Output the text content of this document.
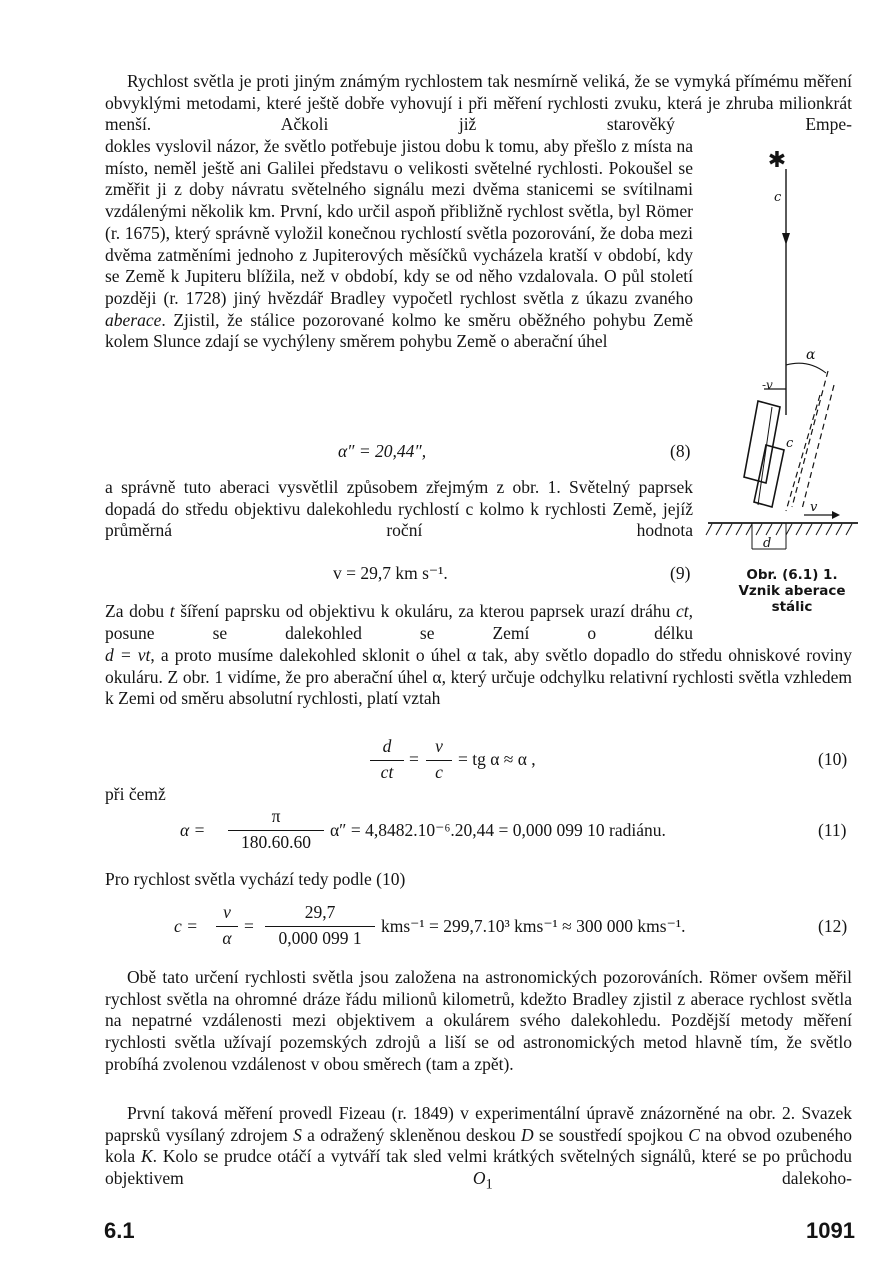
Rychlost světla je proti jiným známým rychlostem tak nesmírně veliká, že se vymyká přímému měření obvyklými metodami, které ještě dobře vyhovují i při měření rychlosti zvuku, která je zhruba milionkrát menší. Ačkoli již starověký Empe-
dokles vyslovil názor, že světlo potřebuje jistou dobu k tomu, aby přešlo z místa na místo, neměl ještě ani Galilei představu o velikosti světelné rychlosti. Pokoušel se změřit ji z doby návratu světelného signálu mezi dvěma stanicemi se svítilnami vzdálenými několik km. První, kdo určil aspoň přibližně rychlost světla, byl Römer (r. 1675), který správně vyložil konečnou rychlostí světla pozorování, že doba mezi dvěma zatměními jednoho z Jupiterových měsíčků vycházela kratší v období, kdy se Země k Jupiteru blížila, než v období, kdy se od něho vzdalovala. O půl století později (r. 1728) jiný hvězdář Bradley vypočetl rychlost světla z úkazu zvaného aberace. Zjistil, že stálice pozorované kolmo ke směru oběžného pohybu Země kolem Slunce zdají se vychýleny směrem pohybu Země o aberační úhel
α″ = 20,44″,	(8)
a správně tuto aberaci vysvětlil způsobem zřejmým z obr. 1. Světelný paprsek dopadá do středu objektivu dalekohledu rychlostí c kolmo k rychlosti Země, jejíž průměrná roční hodnota
v = 29,7 km s⁻¹.	(9)
Za dobu t šíření paprsku od objektivu k okuláru, za kterou paprsek urazí dráhu ct, posune se dalekohled se Zemí o délku
d = vt, a proto musíme dalekohled sklonit o úhel α tak, aby světlo dopadlo do středu ohniskové roviny okuláru. Z obr. 1 vidíme, že pro aberační úhel α, který určuje odchylku relativní rychlosti světla vzhledem k Zemi od směru absolutní rychlosti, platí vztah
d
ct
=
v
c
= tg α ≈ α ,	(10)
při čemž
α =
π
180.60.60
α″ = 4,8482.10⁻⁶.20,44 = 0,000 099 10 radiánu.	(11)
Pro rychlost světla vychází tedy podle (10)
c =
v
α
=
29,7
0,000 099 1
kms⁻¹ = 299,7.10³ kms⁻¹ ≈ 300 000 kms⁻¹.	(12)
Obě tato určení rychlosti světla jsou založena na astronomických pozorováních. Römer ovšem měřil rychlost světla na ohromné dráze řádu milionů kilometrů, kdežto Bradley zjistil z aberace rychlost světla na nepatrné vzdálenosti mezi objektivem a okulárem svého dalekohledu. Pozdější metody měření rychlosti světla užívají pozemských zdrojů a liší se od astronomických metod hlavně tím, že světlo probíhá zvolenou vzdálenost v obou směrech (tam a zpět).
První taková měření provedl Fizeau (r. 1849) v experimentální úpravě znázorněné na obr. 2. Svazek paprsků vysílaný zdrojem S a odražený skleněnou deskou D se soustředí spojkou C na obvod ozubeného kola K. Kolo se prudce otáčí a vytváří tak sled velmi krátkých světelných signálů, které se po průchodu objektivem	$O_1$	dalekoho-
✱
c
α
-v
c
v
d
Obr. (6.1) 1.
Vznik aberace
stálic
6.1	1091
